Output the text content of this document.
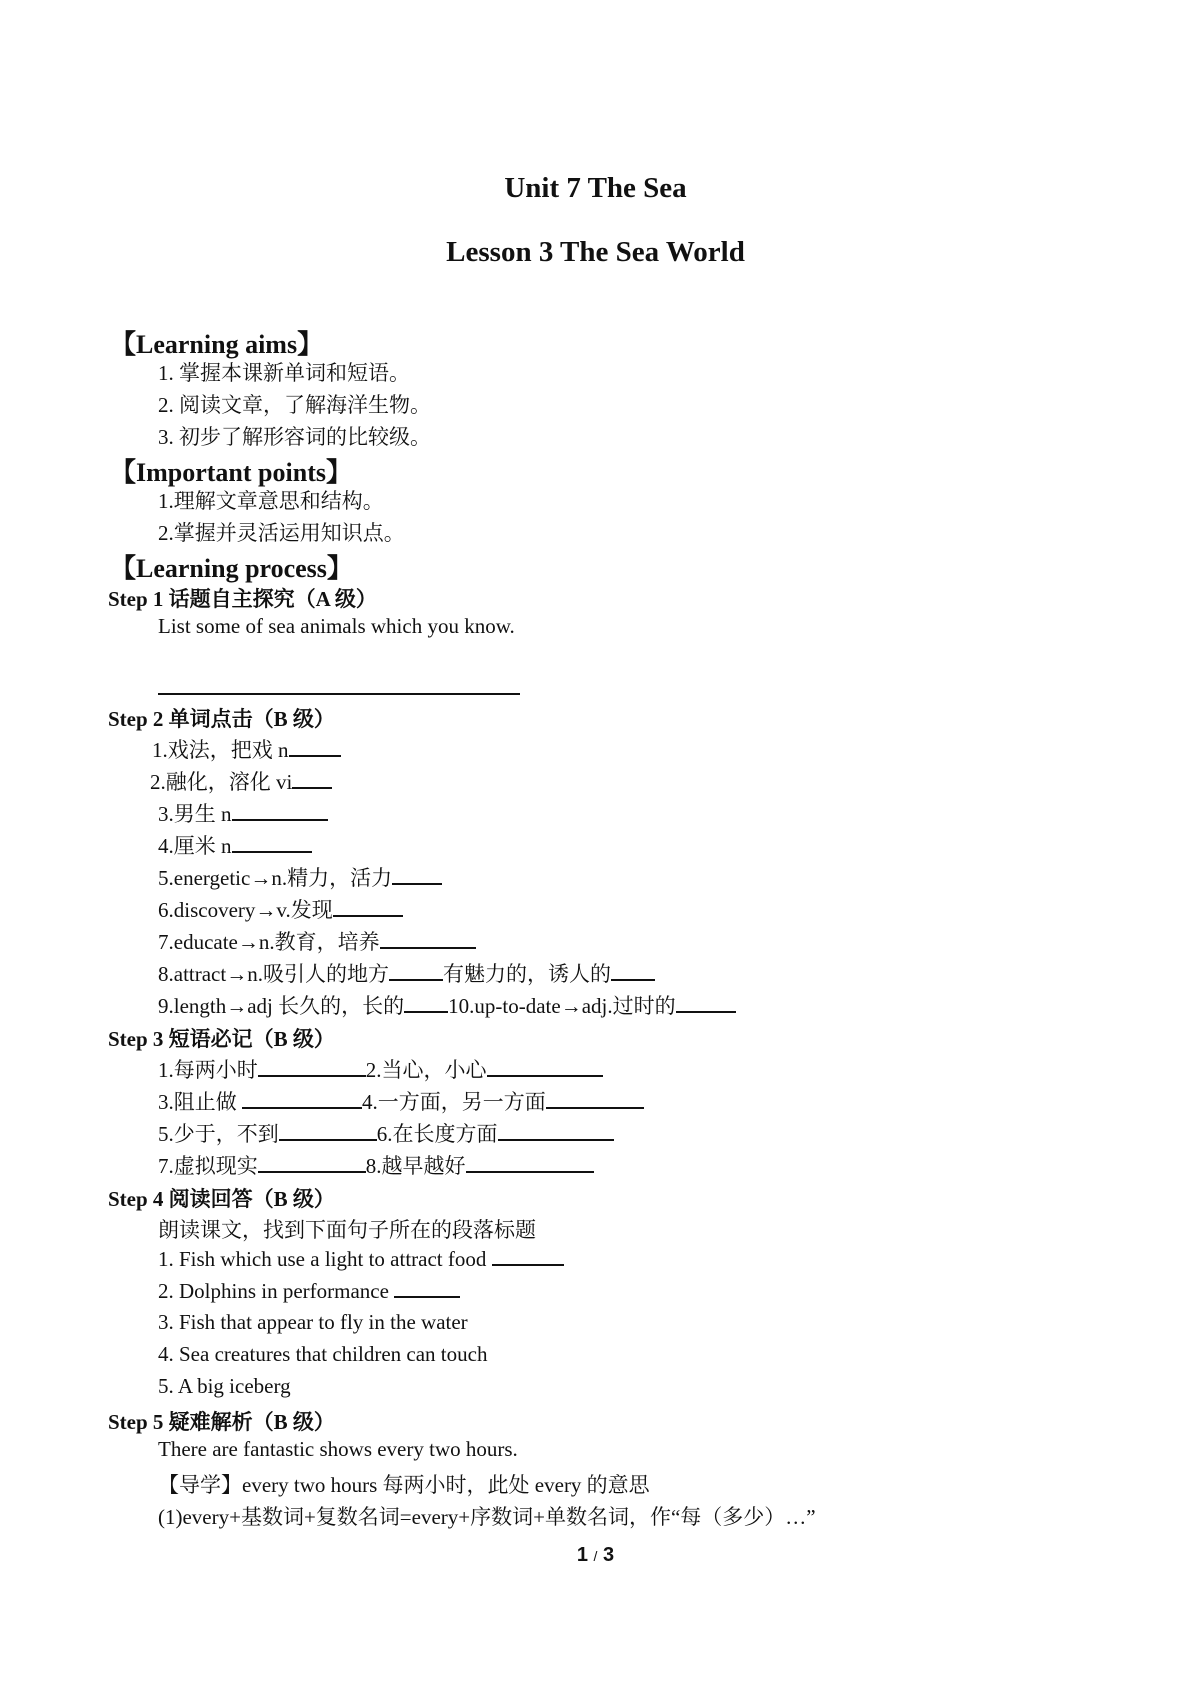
Unit 7 The Sea
Lesson 3 The Sea World
【Learning aims】
1. 掌握本课新单词和短语。
2. 阅读文章，了解海洋生物。
3. 初步了解形容词的比较级。
【Important points】
1.理解文章意思和结构。
2.掌握并灵活运用知识点。
【Learning process】
Step 1 话题自主探究（A 级）
List some of sea animals which you know.
Step 2 单词点击（B 级）
1.戏法，把戏 n
2.融化，溶化 vi
3.男生 n
4.厘米 n
5.energetic→n.精力，活力
6.discovery→v.发现
7.educate→n.教育，培养
8.attract→n.吸引人的地方	有魅力的，诱人的
9.length→adj 长久的，长的 10.up-to-date→adj.过时的
Step 3 短语必记（B 级）
1.每两小时	2.当心，小心
3.阻止做	4.一方面，另一方面
5.少于，不到	6.在长度方面
7.虚拟现实	8.越早越好
Step 4 阅读回答（B 级）
朗读课文，找到下面句子所在的段落标题
1. Fish which use a light to attract food
2. Dolphins in performance
3. Fish that appear to fly in the water
4. Sea creatures that children can touch
5. A big iceberg
Step 5 疑难解析（B 级）
There are fantastic shows every two hours.
【导学】every two hours 每两小时，此处 every 的意思
(1)every+基数词+复数名词=every+序数词+单数名词，作“每（多少）…”
1 / 3
